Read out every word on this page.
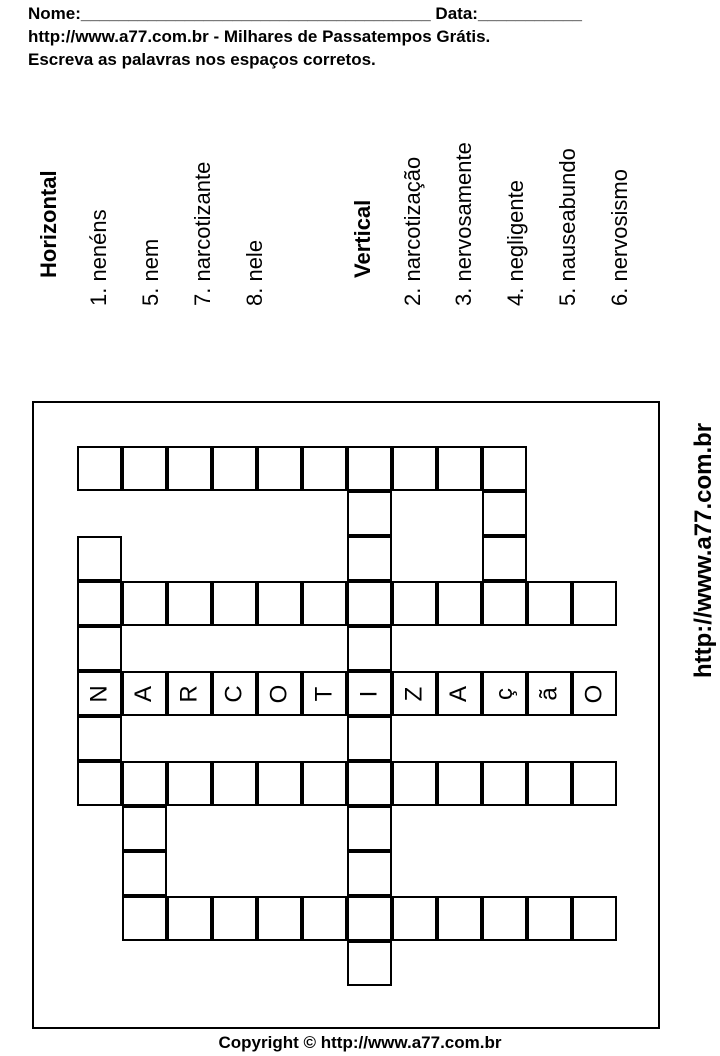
Nome:_____________________________________ Data:___________
http://www.a77.com.br - Milhares de Passatempos Grátis.
Escreva as palavras nos espaços corretos.
Horizontal 1. nenéns 5. nem 7. narcotizante 8. nele	Vertical 2. narcotização 3. nervosamente 4. negligente 5. nauseabundo 6. nervosismo
N A R C O T I Z A ç ã O
http://www.a77.com.br
Copyright © http://www.a77.com.br
